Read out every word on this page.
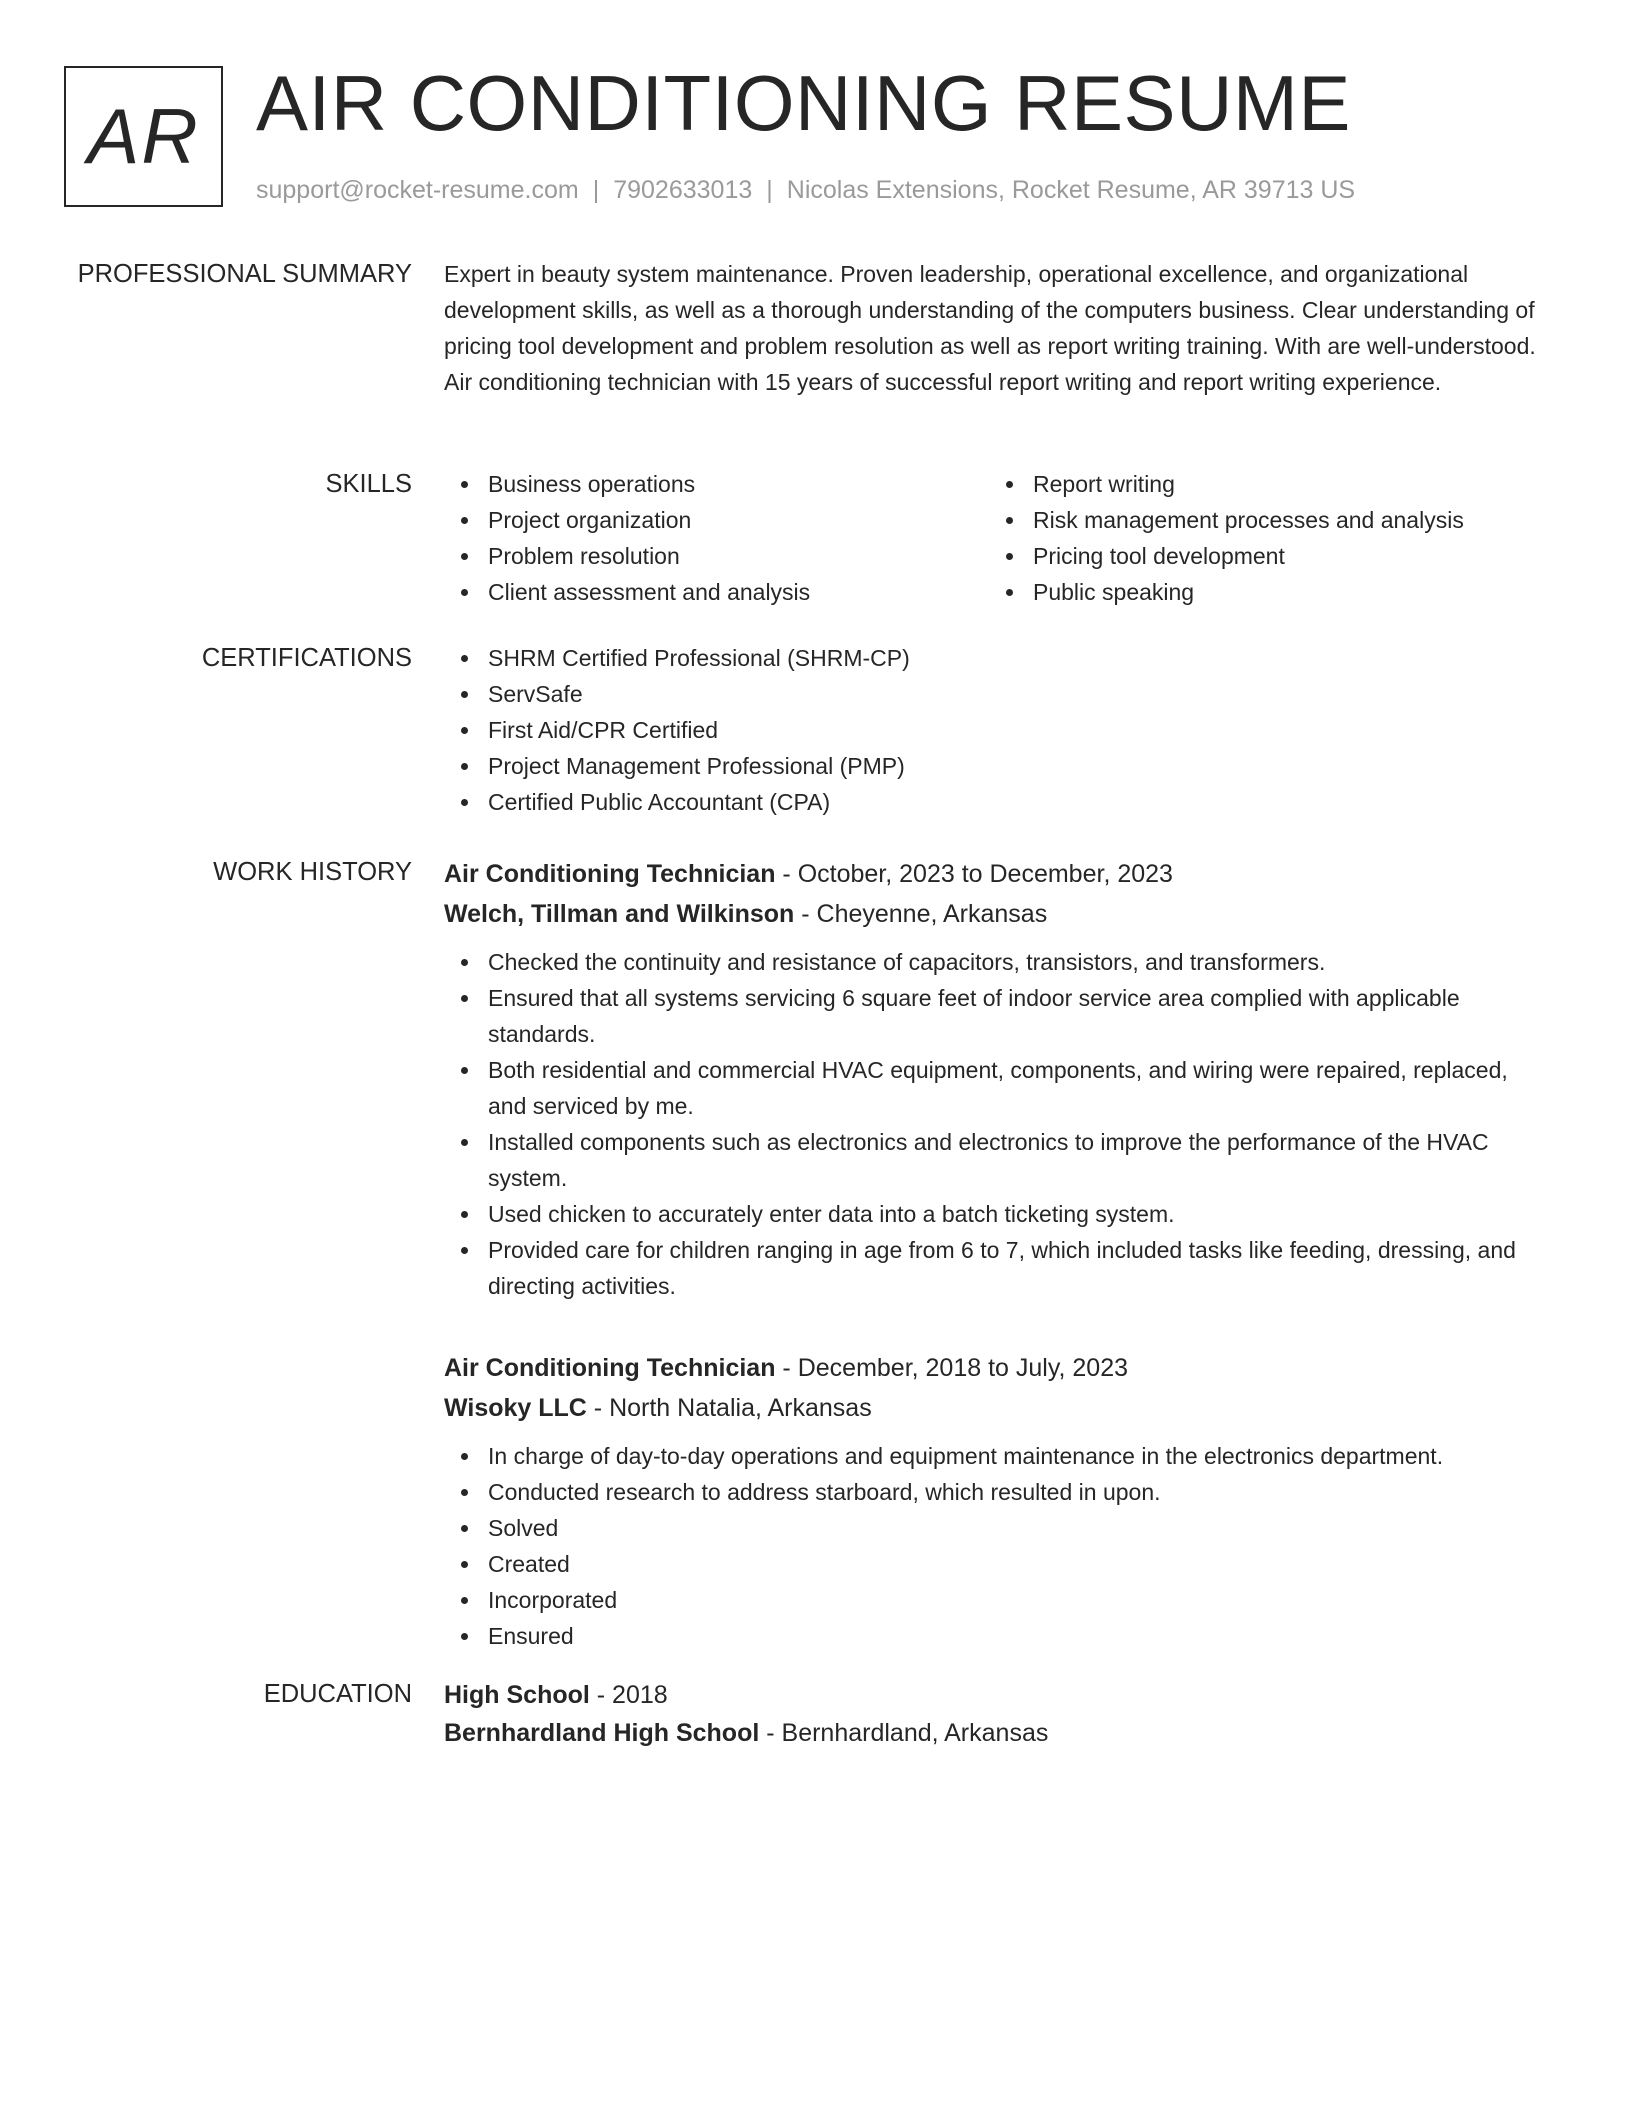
AR AIR CONDITIONING RESUME
support@rocket-resume.com | 7902633013 | Nicolas Extensions, Rocket Resume, AR 39713 US
PROFESSIONAL SUMMARY Expert in beauty system maintenance. Proven leadership, operational excellence, and organizational development skills, as well as a thorough understanding of the computers business. Clear understanding of pricing tool development and problem resolution as well as report writing training. With are well-understood. Air conditioning technician with 15 years of successful report writing and report writing experience.

SKILLS	Business operations
Project organization
Problem resolution
Client assessment and analysis
Report writing
Risk management processes and analysis
Pricing tool development
Public speaking
CERTIFICATIONS	SHRM Certified Professional (SHRM-CP)
ServSafe
First Aid/CPR Certified
Project Management Professional (PMP)
Certified Public Accountant (CPA)
WORK HISTORY Air Conditioning Technician - October, 2023 to December, 2023
Welch, Tillman and Wilkinson - Cheyenne, Arkansas
Checked the continuity and resistance of capacitors, transistors, and transformers.
Ensured that all systems servicing 6 square feet of indoor service area complied with applicable standards.
Both residential and commercial HVAC equipment, components, and wiring were repaired, replaced, and serviced by me.
Installed components such as electronics and electronics to improve the performance of the HVAC system.
Used chicken to accurately enter data into a batch ticketing system.
Provided care for children ranging in age from 6 to 7, which included tasks like feeding, dressing, and directing activities.
Air Conditioning Technician - December, 2018 to July, 2023
Wisoky LLC - North Natalia, Arkansas
In charge of day-to-day operations and equipment maintenance in the electronics department.
Conducted research to address starboard, which resulted in upon.
Solved
Created
Incorporated
Ensured
EDUCATION High School - 2018
Bernhardland High School - Bernhardland, Arkansas
